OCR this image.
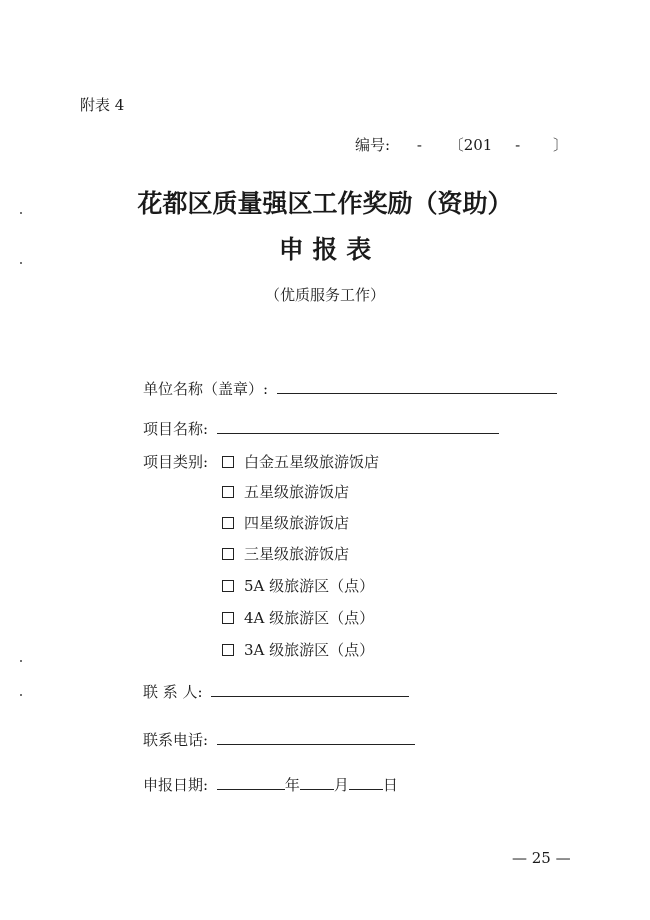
附表 4
编号: - 〔201 - 〕
花都区质量强区工作奖励（资助）
申 报 表
（优质服务工作）
单位名称（盖章）:
项目名称:
项目类别:	白金五星级旅游饭店
五星级旅游饭店
四星级旅游饭店
三星级旅游饭店
5A 级旅游区（点）
4A 级旅游区（点）
3A 级旅游区（点）
联 系 人:
联系电话:
申报日期:	年 月 日
— 25 —
